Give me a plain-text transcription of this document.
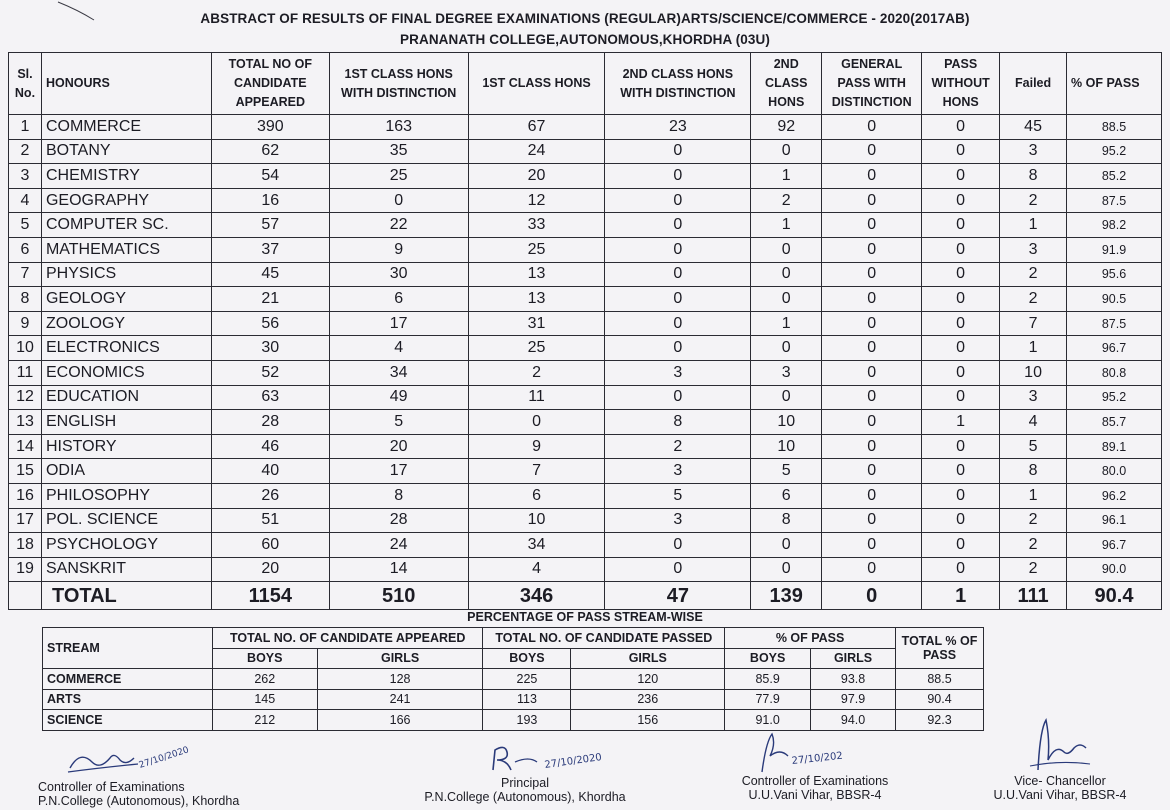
ABSTRACT OF RESULTS OF FINAL DEGREE EXAMINATIONS (REGULAR)ARTS/SCIENCE/COMMERCE - 2020(2017AB)
PRANANATH COLLEGE,AUTONOMOUS,KHORDHA (03U)
Sl. No.	HONOURS	TOTAL NO OF CANDIDATE APPEARED	1ST CLASS HONS WITH DISTINCTION	1ST CLASS HONS	2ND CLASS HONS WITH DISTINCTION	2ND CLASS HONS	GENERAL PASS WITH DISTINCTION	PASS WITHOUT HONS	Failed	% OF PASS
1	COMMERCE	390	163	67	23	92	0	0	45	88.5
2	BOTANY	62	35	24	0	0	0	0	3	95.2
3	CHEMISTRY	54	25	20	0	1	0	0	8	85.2
4	GEOGRAPHY	16	0	12	0	2	0	0	2	87.5
5	COMPUTER SC.	57	22	33	0	1	0	0	1	98.2
6	MATHEMATICS	37	9	25	0	0	0	0	3	91.9
7	PHYSICS	45	30	13	0	0	0	0	2	95.6
8	GEOLOGY	21	6	13	0	0	0	0	2	90.5
9	ZOOLOGY	56	17	31	0	1	0	0	7	87.5
10	ELECTRONICS	30	4	25	0	0	0	0	1	96.7
11	ECONOMICS	52	34	2	3	3	0	0	10	80.8
12	EDUCATION	63	49	11	0	0	0	0	3	95.2
13	ENGLISH	28	5	0	8	10	0	1	4	85.7
14	HISTORY	46	20	9	2	10	0	0	5	89.1
15	ODIA	40	17	7	3	5	0	0	8	80.0
16	PHILOSOPHY	26	8	6	5	6	0	0	1	96.2
17	POL. SCIENCE	51	28	10	3	8	0	0	2	96.1
18	PSYCHOLOGY	60	24	34	0	0	0	0	2	96.7
19	SANSKRIT	20	14	4	0	0	0	0	2	90.0
	TOTAL	1154	510	346	47	139	0	1	111	90.4
PERCENTAGE OF PASS STREAM-WISE
STREAM	TOTAL NO. OF CANDIDATE APPEARED		TOTAL NO. OF CANDIDATE PASSED		% OF PASS		TOTAL % OF PASS
	BOYS	GIRLS	BOYS	GIRLS	BOYS	GIRLS	
COMMERCE	262	128	225	120	85.9	93.8	88.5
ARTS	145	241	113	236	77.9	97.9	90.4
SCIENCE	212	166	193	156	91.0	94.0	92.3
27/10/2020
Controller of Examinations
P.N.College (Autonomous), Khordha
27/10/2020
Principal
P.N.College (Autonomous), Khordha
27/10/202
Controller of Examinations
U.U.Vani Vihar, BBSR-4
Vice- Chancellor
U.U.Vani Vihar, BBSR-4
